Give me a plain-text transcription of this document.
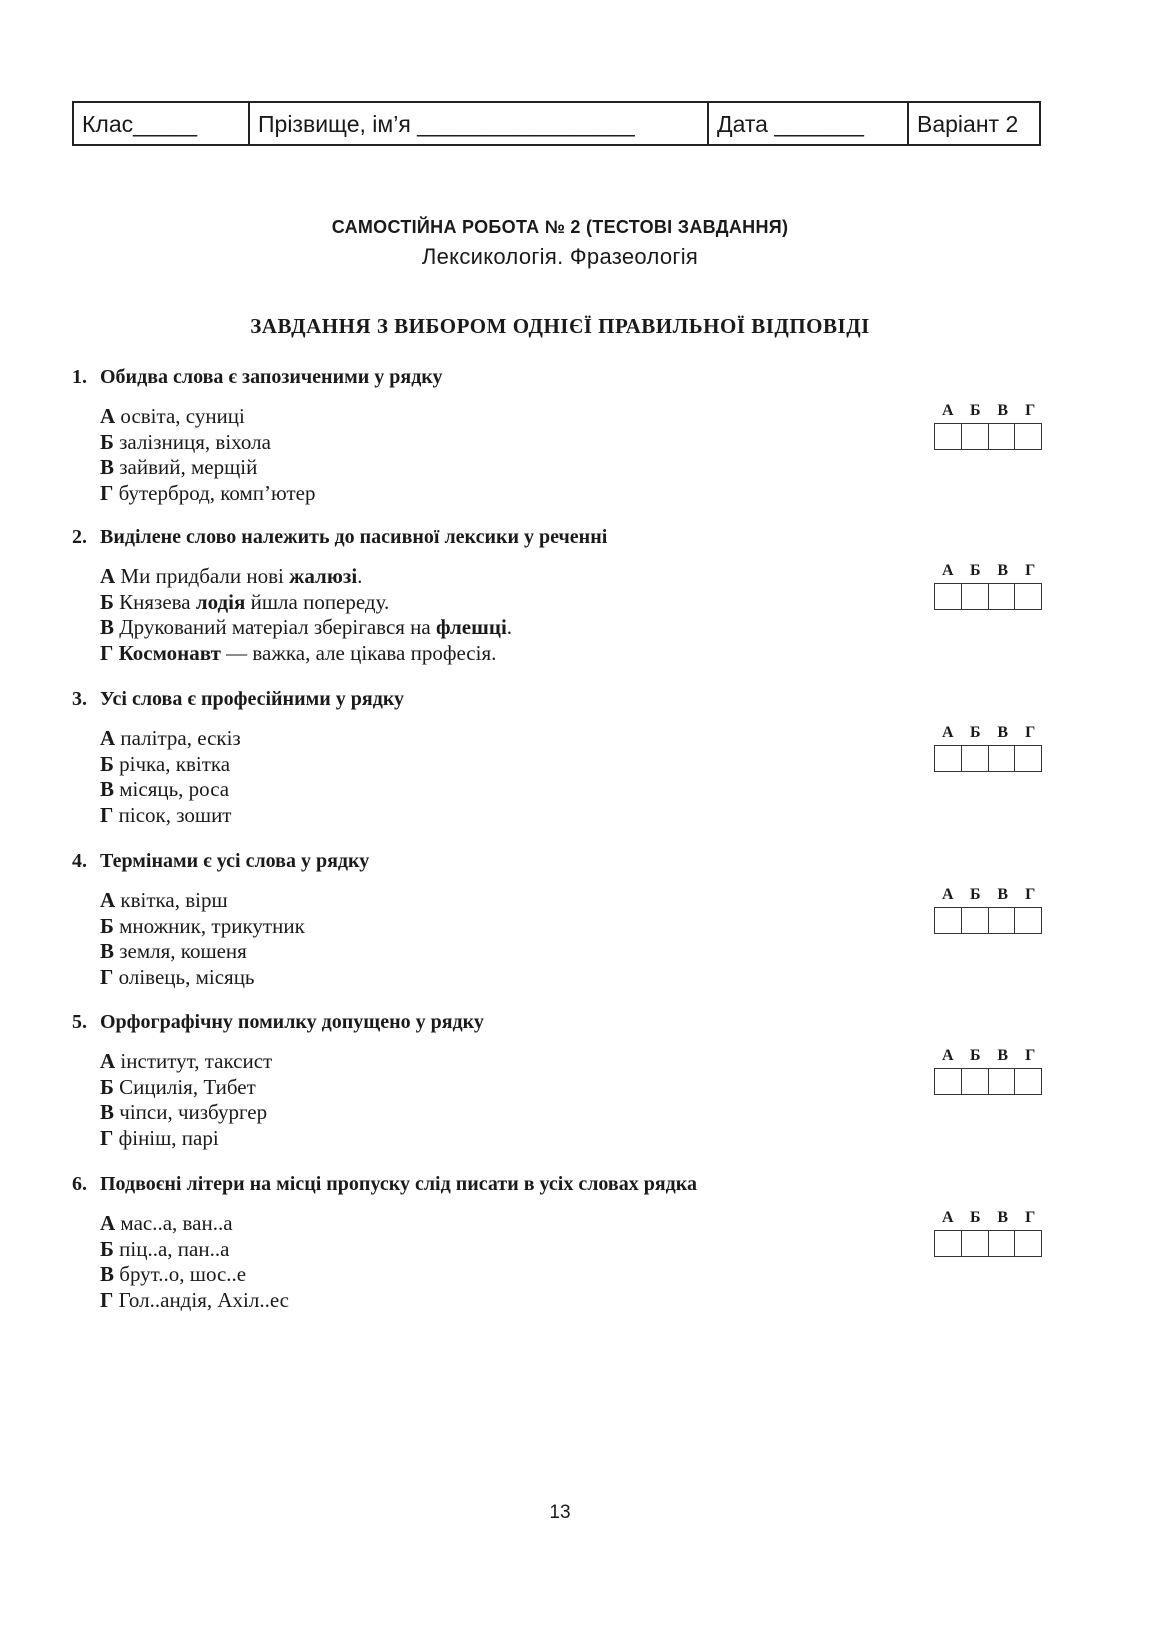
Клас_____	Прізвище, ім’я _________________	Дата _______	Варіант 2
САМОСТІЙНА РОБОТА № 2 (ТЕСТОВІ ЗАВДАННЯ)
Лексикологія. Фразеологія
ЗАВДАННЯ З ВИБОРОМ ОДНІЄЇ ПРАВИЛЬНОЇ ВІДПОВІДІ
1. Обидва слова є запозиченими у рядку
А освіта, суниці
Б залізниця, віхола
В зайвий, мерщій
Г бутерброд, комп’ютер
А	Б	В	Г
2. Виділене слово належить до пасивної лексики у реченні
А Ми придбали нові жалюзі.
Б Князева лодія йшла попереду.
В Друкований матеріал зберігався на флешці.
Г Космонавт — важка, але цікава професія.
А	Б	В	Г
3. Усі слова є професійними у рядку
А палітра, ескіз
Б річка, квітка
В місяць, роса
Г пісок, зошит
А	Б	В	Г
4. Термінами є усі слова у рядку
А квітка, вірш
Б множник, трикутник
В земля, кошеня
Г олівець, місяць
А	Б	В	Г
5. Орфографічну помилку допущено у рядку
А інститут, таксист
Б Сицилія, Тибет
В чіпси, чизбургер
Г фініш, парі
А	Б	В	Г
6. Подвоєні літери на місці пропуску слід писати в усіх словах рядка
А мас..а, ван..а
Б піц..а, пан..а
В брут..о, шос..е
Г Гол..андія, Ахіл..ес
А	Б	В	Г
13
